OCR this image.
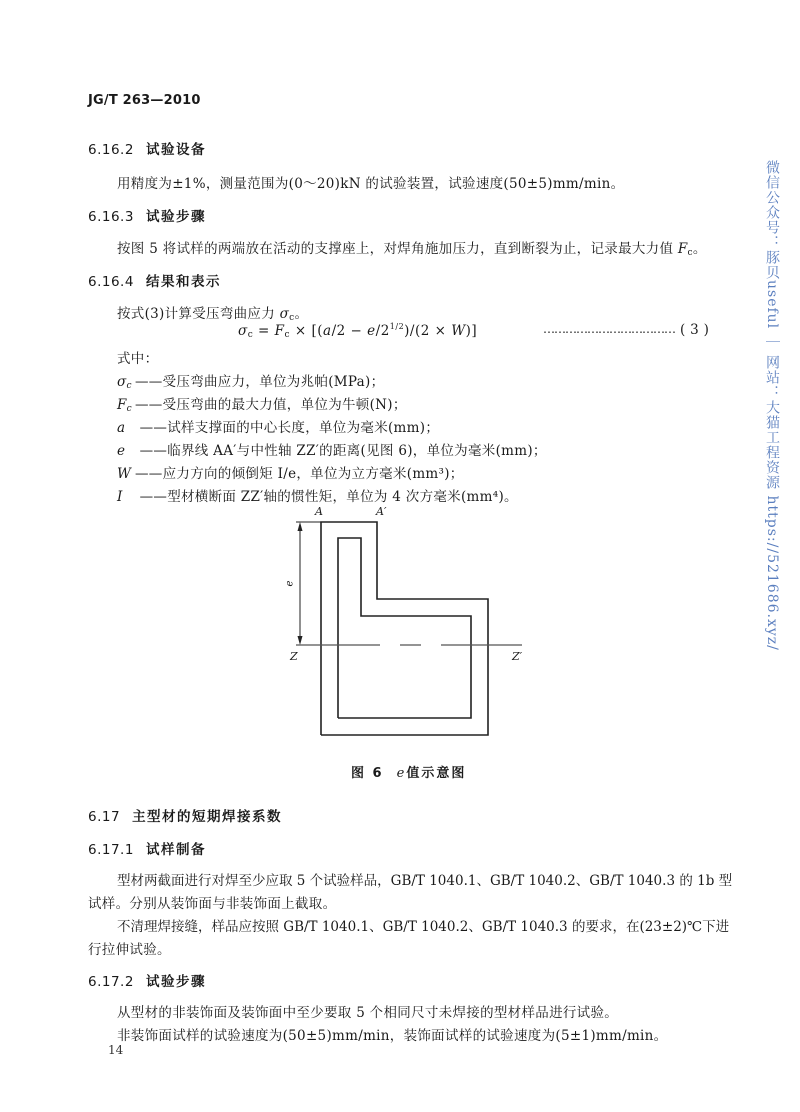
JG/T 263—2010
6.16.2 试验设备
用精度为±1%，测量范围为(0～20)kN 的试验装置，试验速度(50±5)mm/min。
6.16.3 试验步骤
按图 5 将试样的两端放在活动的支撑座上，对焊角施加压力，直到断裂为止，记录最大力值 $F_c$。
6.16.4 结果和表示
按式(3)计算受压弯曲应力 $\sigma_c$。
$\sigma_c = F_c \times [(a/2 - e/2^{1/2})/(2 \times W)]$	……………………………… ( 3 )
式中：
$\sigma_c$ ——受压弯曲应力，单位为兆帕(MPa)；
$F_c$ ——受压弯曲的最大力值，单位为牛顿(N)；
a ——试样支撑面的中心长度，单位为毫米(mm)；
e ——临界线 AA′与中性轴 ZZ′的距离(见图 6)，单位为毫米(mm)；
W ——应力方向的倾倒矩 I/e，单位为立方毫米(mm³)；
I ——型材横断面 ZZ′轴的惯性矩，单位为 4 次方毫米(mm⁴)。
A	A′
Z	Z′
e
图 6 e值示意图
6.17 主型材的短期焊接系数
6.17.1 试样制备
型材两截面进行对焊至少应取 5 个试验样品，GB/T 1040.1、GB/T 1040.2、GB/T 1040.3 的 1b 型
试样。分别从装饰面与非装饰面上截取。
不清理焊接缝，样品应按照 GB/T 1040.1、GB/T 1040.2、GB/T 1040.3 的要求，在(23±2)℃下进
行拉伸试验。
6.17.2 试验步骤
从型材的非装饰面及装饰面中至少要取 5 个相同尺寸未焊接的型材样品进行试验。
非装饰面试样的试验速度为(50±5)mm/min，装饰面试样的试验速度为(5±1)mm/min。
14
微信公众号：豚贝useful ｜ 网站：大猫工程资源 https://521686.xyz/
